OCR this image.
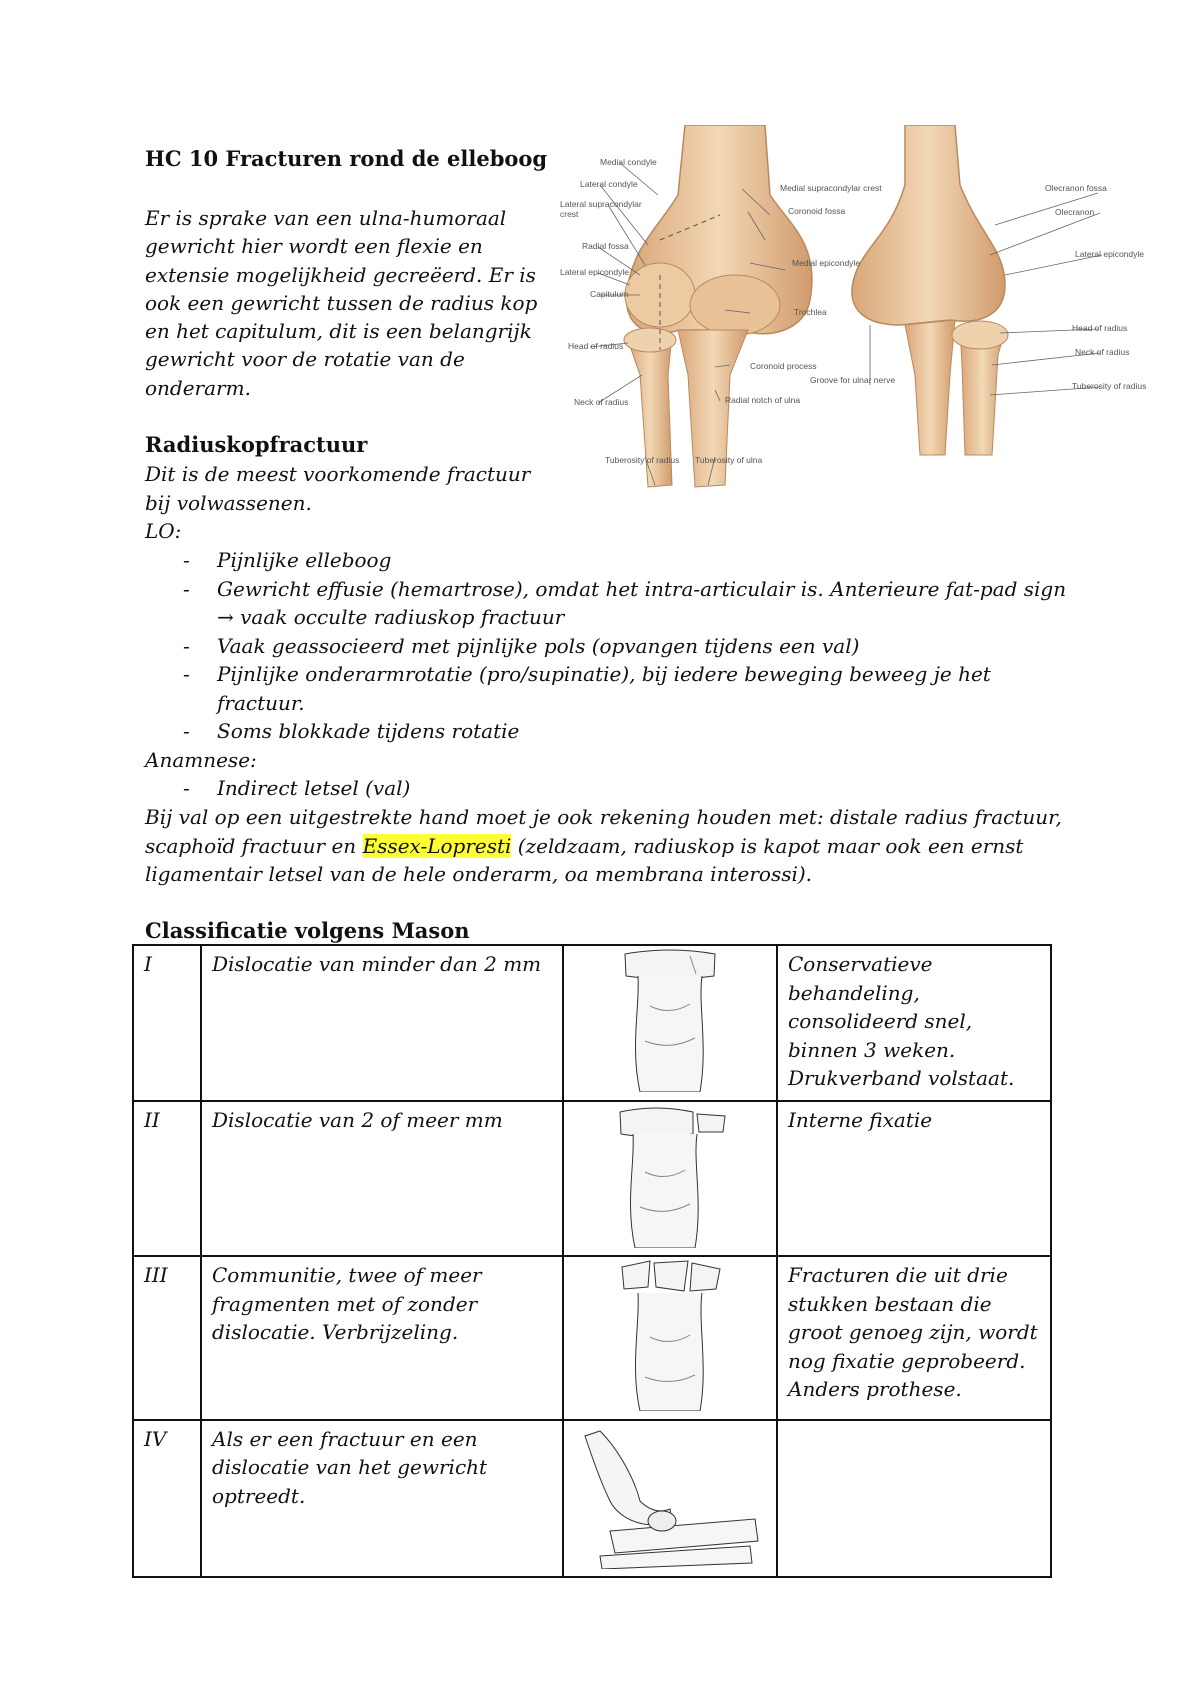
HC 10 Fracturen rond de elleboog
Er is sprake van een ulna-humoraal gewricht hier wordt een flexie en extensie mogelijkheid gecreëerd. Er is ook een gewricht tussen de radius kop en het capitulum, dit is een belangrijk gewricht voor de rotatie van de onderarm.
Medial condyle
Lateral condyle
Lateral supracondylar
crest
Radial fossa
Lateral epicondyle
Capitulum
Head of radius
Neck of radius
Tuberosity of radius Tuberosity of ulna
Medial supracondylar crest
Coronoid fossa
Medial epicondyle
Trochlea
Coronoid process
Groove for ulnar nerve
Radial notch of ulna
Olecranon fossa
Olecranon
Lateral epicondyle
Head of radius
Neck of radius
Tuberosity of radius
Radiuskopfractuur
Dit is de meest voorkomende fractuur
bij volwassenen.
LO:
- Pijnlijke elleboog
- Gewricht effusie (hemartrose), omdat het intra-articulair is. Anterieure fat-pad sign
→ vaak occulte radiuskop fractuur
- Vaak geassocieerd met pijnlijke pols (opvangen tijdens een val)
- Pijnlijke onderarmrotatie (pro/supinatie), bij iedere beweging beweeg je het
fractuur.
- Soms blokkade tijdens rotatie
Anamnese:
- Indirect letsel (val)
Bij val op een uitgestrekte hand moet je ook rekening houden met: distale radius fractuur,
scaphoïd fractuur en Essex-Lopresti (zeldzaam, radiuskop is kapot maar ook een ernst
ligamentair letsel van de hele onderarm, oa membrana interossi).
Classificatie volgens Mason
I	Dislocatie van minder dan 2 mm		Conservatieve behandeling, consolideerd snel, binnen 3 weken. Drukverband volstaat.
II	Dislocatie van 2 of meer mm		Interne fixatie
III	Communitie, twee of meer fragmenten met of zonder dislocatie. Verbrijzeling.		Fracturen die uit drie stukken bestaan die groot genoeg zijn, wordt nog fixatie geprobeerd. Anders prothese.
IV	Als er een fractuur en een dislocatie van het gewricht optreedt.		
